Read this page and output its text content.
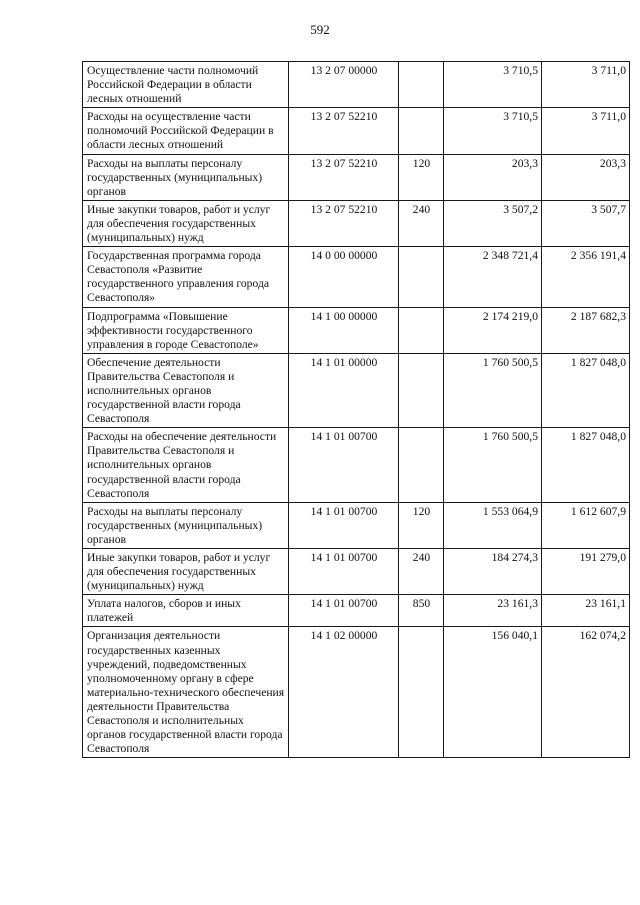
592
Осуществление части полномочий Российской Федерации в области лесных отношений	13 2 07 00000		3 710,5	3 711,0
Расходы на осуществление части полномочий Российской Федерации в области лесных отношений	13 2 07 52210		3 710,5	3 711,0
Расходы на выплаты персоналу государственных (муниципальных) органов	13 2 07 52210	120	203,3	203,3
Иные закупки товаров, работ и услуг для обеспечения государственных (муниципальных) нужд	13 2 07 52210	240	3 507,2	3 507,7
Государственная программа города Севастополя «Развитие государственного управления города Севастополя»	14 0 00 00000		2 348 721,4	2 356 191,4
Подпрограмма «Повышение эффективности государственного управления в городе Севастополе»	14 1 00 00000		2 174 219,0	2 187 682,3
Обеспечение деятельности Правительства Севастополя и исполнительных органов государственной власти города Севастополя	14 1 01 00000		1 760 500,5	1 827 048,0
Расходы на обеспечение деятельности Правительства Севастополя и исполнительных органов государственной власти города Севастополя	14 1 01 00700		1 760 500,5	1 827 048,0
Расходы на выплаты персоналу государственных (муниципальных) органов	14 1 01 00700	120	1 553 064,9	1 612 607,9
Иные закупки товаров, работ и услуг для обеспечения государственных (муниципальных) нужд	14 1 01 00700	240	184 274,3	191 279,0
Уплата налогов, сборов и иных платежей	14 1 01 00700	850	23 161,3	23 161,1
Организация деятельности государственных казенных учреждений, подведомственных уполномоченному органу в сфере материально-технического обеспечения деятельности Правительства Севастополя и исполнительных органов государственной власти города Севастополя	14 1 02 00000		156 040,1	162 074,2
